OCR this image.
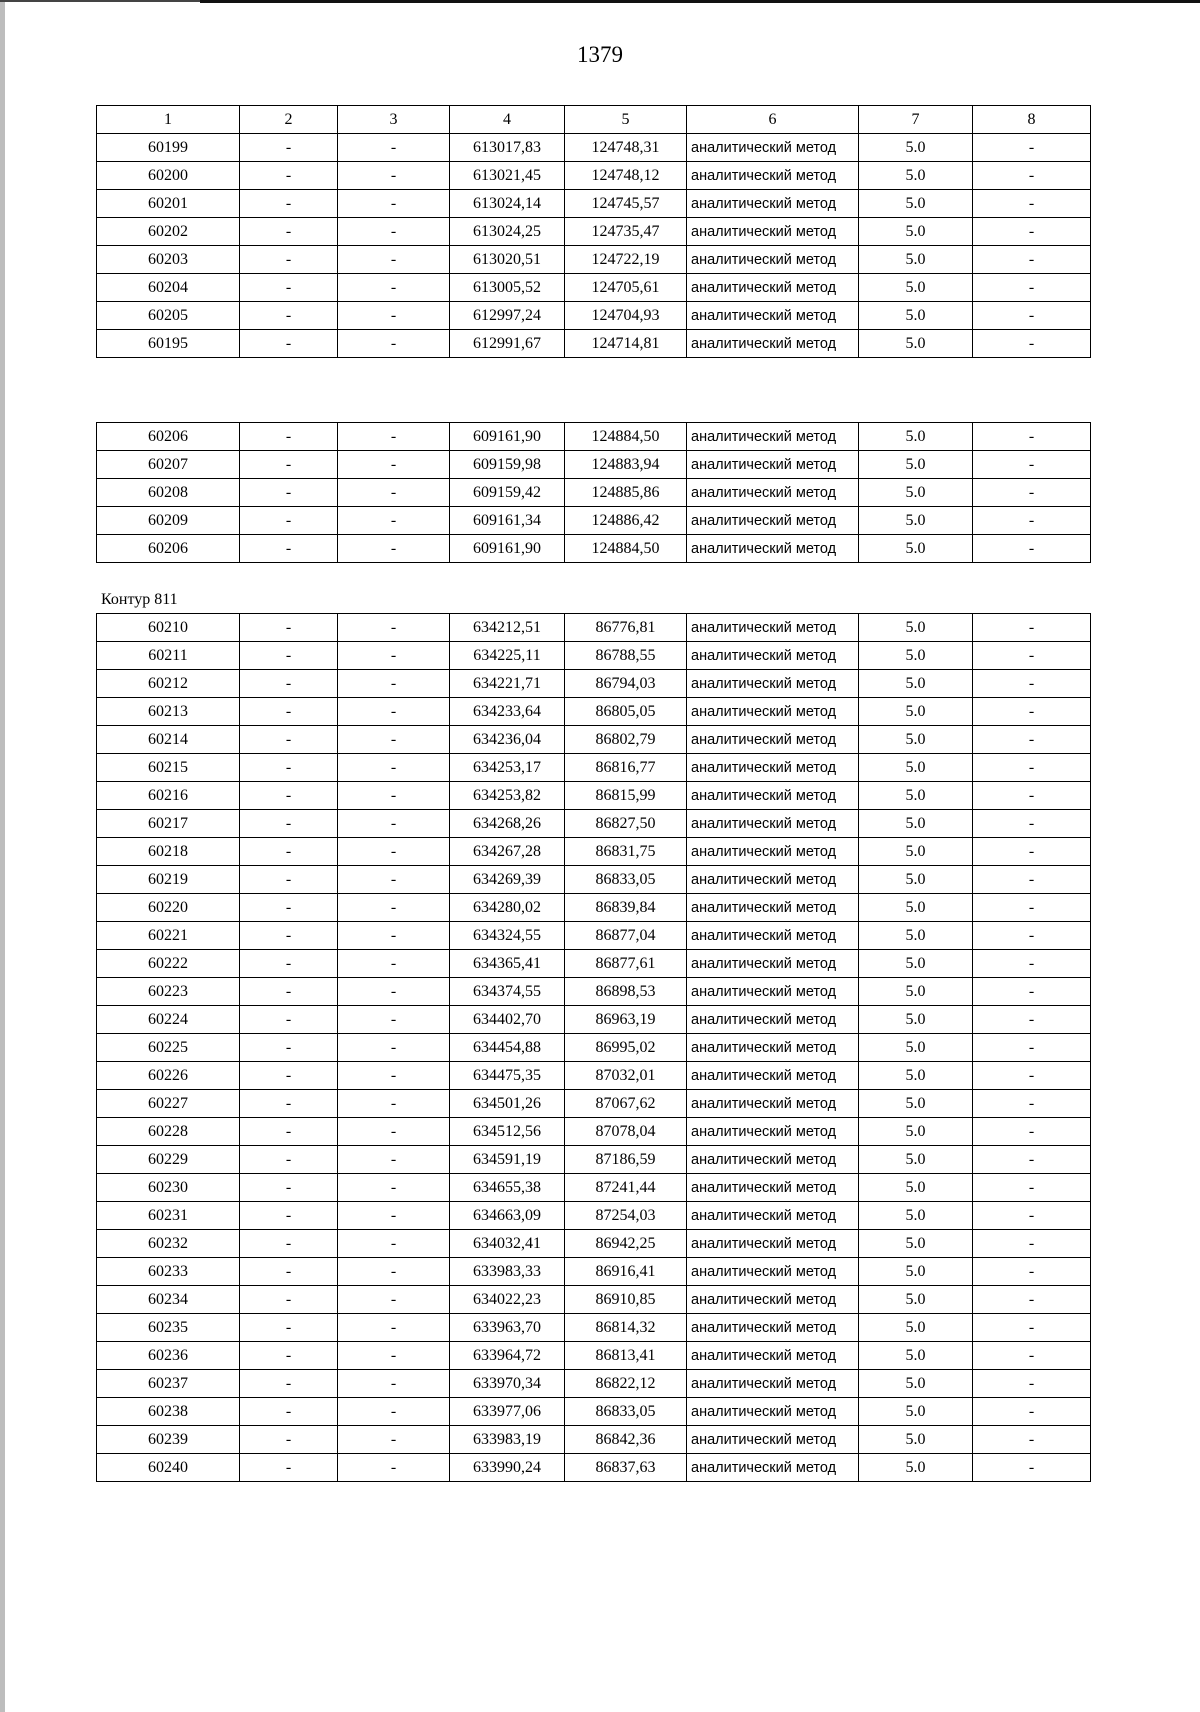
1379
1	2	3	4	5	6	7	8
60199	-	-	613017,83	124748,31	аналитический метод	5.0	-
60200	-	-	613021,45	124748,12	аналитический метод	5.0	-
60201	-	-	613024,14	124745,57	аналитический метод	5.0	-
60202	-	-	613024,25	124735,47	аналитический метод	5.0	-
60203	-	-	613020,51	124722,19	аналитический метод	5.0	-
60204	-	-	613005,52	124705,61	аналитический метод	5.0	-
60205	-	-	612997,24	124704,93	аналитический метод	5.0	-
60195	-	-	612991,67	124714,81	аналитический метод	5.0	-
60206	-	-	609161,90	124884,50	аналитический метод	5.0	-
60207	-	-	609159,98	124883,94	аналитический метод	5.0	-
60208	-	-	609159,42	124885,86	аналитический метод	5.0	-
60209	-	-	609161,34	124886,42	аналитический метод	5.0	-
60206	-	-	609161,90	124884,50	аналитический метод	5.0	-
Контур 811
60210	-	-	634212,51	86776,81	аналитический метод	5.0	-
60211	-	-	634225,11	86788,55	аналитический метод	5.0	-
60212	-	-	634221,71	86794,03	аналитический метод	5.0	-
60213	-	-	634233,64	86805,05	аналитический метод	5.0	-
60214	-	-	634236,04	86802,79	аналитический метод	5.0	-
60215	-	-	634253,17	86816,77	аналитический метод	5.0	-
60216	-	-	634253,82	86815,99	аналитический метод	5.0	-
60217	-	-	634268,26	86827,50	аналитический метод	5.0	-
60218	-	-	634267,28	86831,75	аналитический метод	5.0	-
60219	-	-	634269,39	86833,05	аналитический метод	5.0	-
60220	-	-	634280,02	86839,84	аналитический метод	5.0	-
60221	-	-	634324,55	86877,04	аналитический метод	5.0	-
60222	-	-	634365,41	86877,61	аналитический метод	5.0	-
60223	-	-	634374,55	86898,53	аналитический метод	5.0	-
60224	-	-	634402,70	86963,19	аналитический метод	5.0	-
60225	-	-	634454,88	86995,02	аналитический метод	5.0	-
60226	-	-	634475,35	87032,01	аналитический метод	5.0	-
60227	-	-	634501,26	87067,62	аналитический метод	5.0	-
60228	-	-	634512,56	87078,04	аналитический метод	5.0	-
60229	-	-	634591,19	87186,59	аналитический метод	5.0	-
60230	-	-	634655,38	87241,44	аналитический метод	5.0	-
60231	-	-	634663,09	87254,03	аналитический метод	5.0	-
60232	-	-	634032,41	86942,25	аналитический метод	5.0	-
60233	-	-	633983,33	86916,41	аналитический метод	5.0	-
60234	-	-	634022,23	86910,85	аналитический метод	5.0	-
60235	-	-	633963,70	86814,32	аналитический метод	5.0	-
60236	-	-	633964,72	86813,41	аналитический метод	5.0	-
60237	-	-	633970,34	86822,12	аналитический метод	5.0	-
60238	-	-	633977,06	86833,05	аналитический метод	5.0	-
60239	-	-	633983,19	86842,36	аналитический метод	5.0	-
60240	-	-	633990,24	86837,63	аналитический метод	5.0	-
